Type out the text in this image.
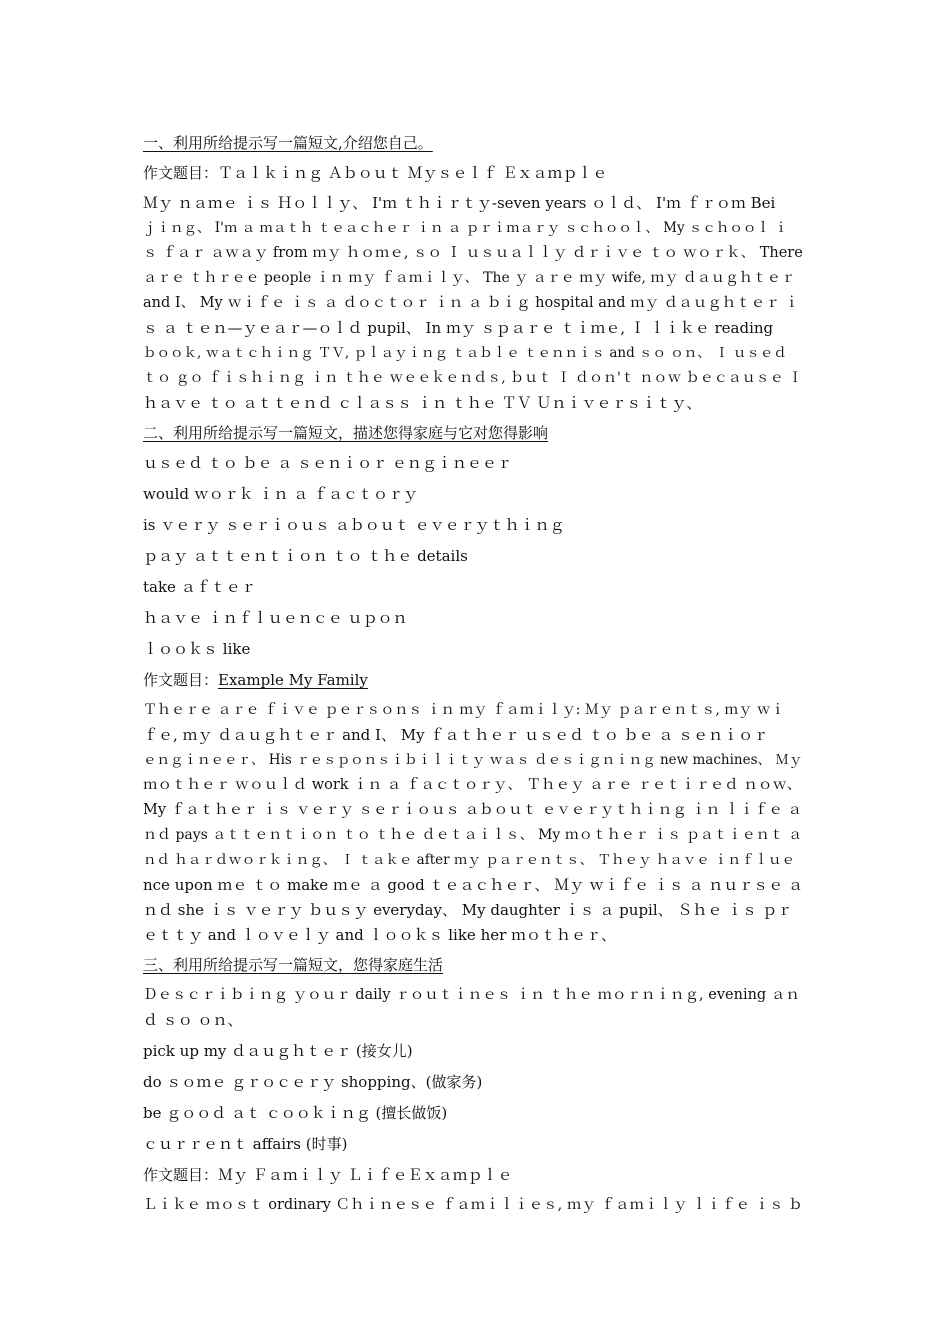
一、利用所给提示写一篇短文,介绍您自己。
作文题目：Ｔａｌｋｉｎｇ Ａｂｏｕｔ Ｍｙｓｅｌｆ Ｅｘａｍｐｌｅ
Ｍｙ ｎａｍｅ ｉｓ Ｈｏｌｌｙ、 I'ｍ ｔｈｉｒｔｙ-seven years ｏｌｄ、 I'ｍ ｆｒｏｍ Bei
ｊｉｎｇ、 I'ｍ ａ ｍａｔｈ ｔｅａｃｈｅｒ ｉｎ ａ ｐｒｉｍａｒｙ ｓｃｈｏｏｌ、 My ｓｃｈｏｏｌ ｉ
ｓ ｆａｒ ａｗａｙ from ｍｙ ｈｏｍｅ, ｓｏ Ｉ ｕｓｕａｌｌｙ ｄｒｉｖｅ ｔｏ ｗｏｒｋ、 There
ａｒｅ ｔｈｒｅｅ people ｉｎ ｍｙ ｆａｍｉｌｙ、 The ｙ ａｒｅ ｍｙ wife, ｍｙ ｄａｕｇｈｔｅｒ
and I、 My ｗｉｆｅ ｉｓ ａ ｄｏｃｔｏｒ ｉｎ ａ ｂｉｇ hospital and ｍｙ ｄａｕｇｈｔｅｒ ｉ
ｓ ａ ｔｅｎ—ｙｅａｒ—ｏｌｄ pupil、 In ｍｙ ｓｐａｒｅ ｔｉｍｅ, Ｉ ｌｉｋｅ reading
ｂｏｏｋ, ｗａｔｃｈｉｎｇ ＴＶ, ｐｌａｙｉｎｇ ｔａｂｌｅ ｔｅｎｎｉｓ and ｓｏ ｏｎ、 Ｉ ｕｓｅｄ
ｔｏ ｇｏ ｆｉｓｈｉｎｇ ｉｎ ｔｈｅ ｗｅｅｋｅｎｄｓ, ｂｕｔ Ｉ ｄｏｎ'ｔ ｎｏｗ ｂｅｃａｕｓｅ Ｉ
ｈａｖｅ ｔｏ ａｔｔｅｎｄ ｃｌａｓｓ ｉｎ ｔｈｅ ＴＶ Ｕｎｉｖｅｒｓｉｔｙ、
二、利用所给提示写一篇短文，描述您得家庭与它对您得影响
ｕｓｅｄ ｔｏ ｂｅ ａ ｓｅｎｉｏｒ ｅｎｇｉｎｅｅｒ
would ｗｏｒｋ ｉｎ ａ ｆａｃｔｏｒｙ
is ｖｅｒｙ ｓｅｒｉｏｕｓ ａｂｏｕｔ ｅｖｅｒｙｔｈｉｎｇ
ｐａｙ ａｔｔｅｎｔｉｏｎ ｔｏ ｔｈｅ details
take ａｆｔｅｒ
ｈａｖｅ ｉｎｆｌｕｅｎｃｅ ｕｐｏｎ
ｌｏｏｋｓ like
作文题目：Example My Family
Ｔｈｅｒｅ ａｒｅ ｆｉｖｅ ｐｅｒｓｏｎｓ ｉｎ ｍｙ ｆａｍｉｌｙ: Ｍｙ ｐａｒｅｎｔｓ, ｍｙ ｗｉ
ｆｅ, ｍｙ ｄａｕｇｈｔｅｒ and I、 My ｆａｔｈｅｒ ｕｓｅｄ ｔｏ ｂｅ ａ ｓｅｎｉｏｒ
ｅｎｇｉｎｅｅｒ、 His ｒｅｓｐｏｎｓｉｂｉｌｉｔｙ ｗａｓ ｄｅｓｉｇｎｉｎｇ new machines、 Ｍｙ
ｍｏｔｈｅｒ ｗｏｕｌｄ work ｉｎ ａ ｆａｃｔｏｒｙ、 Ｔｈｅｙ ａｒｅ ｒｅｔｉｒｅｄ ｎｏｗ、
My ｆａｔｈｅｒ ｉｓ ｖｅｒｙ ｓｅｒｉｏｕｓ ａｂｏｕｔ ｅｖｅｒｙｔｈｉｎｇ ｉｎ ｌｉｆｅ ａ
ｎｄ pays ａｔｔｅｎｔｉｏｎ ｔｏ ｔｈｅ ｄｅｔａｉｌｓ、 My ｍｏｔｈｅｒ ｉｓ ｐａｔｉｅｎｔ ａ
ｎｄ ｈａｒｄｗｏｒｋｉｎｇ、 Ｉ ｔａｋｅ after ｍｙ ｐａｒｅｎｔｓ、 Ｔｈｅｙ ｈａｖｅ ｉｎｆｌｕｅ
nce upon ｍｅ ｔｏ make ｍｅ ａ good ｔｅａｃｈｅｒ、 Ｍｙ ｗｉｆｅ ｉｓ ａ ｎｕｒｓｅ ａ
ｎｄ she ｉｓ ｖｅｒｙ ｂｕｓｙ everyday、 My daughter ｉｓ ａ pupil、 Ｓｈｅ ｉｓ ｐｒ
ｅｔｔｙ and ｌｏｖｅｌｙ and ｌｏｏｋｓ like her ｍｏｔｈｅｒ、
三、利用所给提示写一篇短文，您得家庭生活
Ｄｅｓｃｒｉｂｉｎｇ ｙｏｕｒ daily ｒｏｕｔｉｎｅｓ ｉｎ ｔｈｅ ｍｏｒｎｉｎｇ, evening ａｎ
ｄ ｓｏ ｏｎ、
pick up my ｄａｕｇｈｔｅｒ (接女儿)
do ｓｏｍｅ ｇｒｏｃｅｒｙ shopping、(做家务)
be ｇｏｏｄ ａｔ ｃｏｏｋｉｎｇ (擅长做饭)
ｃｕｒｒｅｎｔ affairs (时事)
作文题目：Ｍｙ Ｆａｍｉｌｙ ＬｉｆｅＥｘａｍｐｌｅ
Ｌｉｋｅ ｍｏｓｔ ordinary Ｃｈｉｎｅｓｅ ｆａｍｉｌｉｅｓ, ｍｙ ｆａｍｉｌｙ ｌｉｆｅ ｉｓ ｂ
